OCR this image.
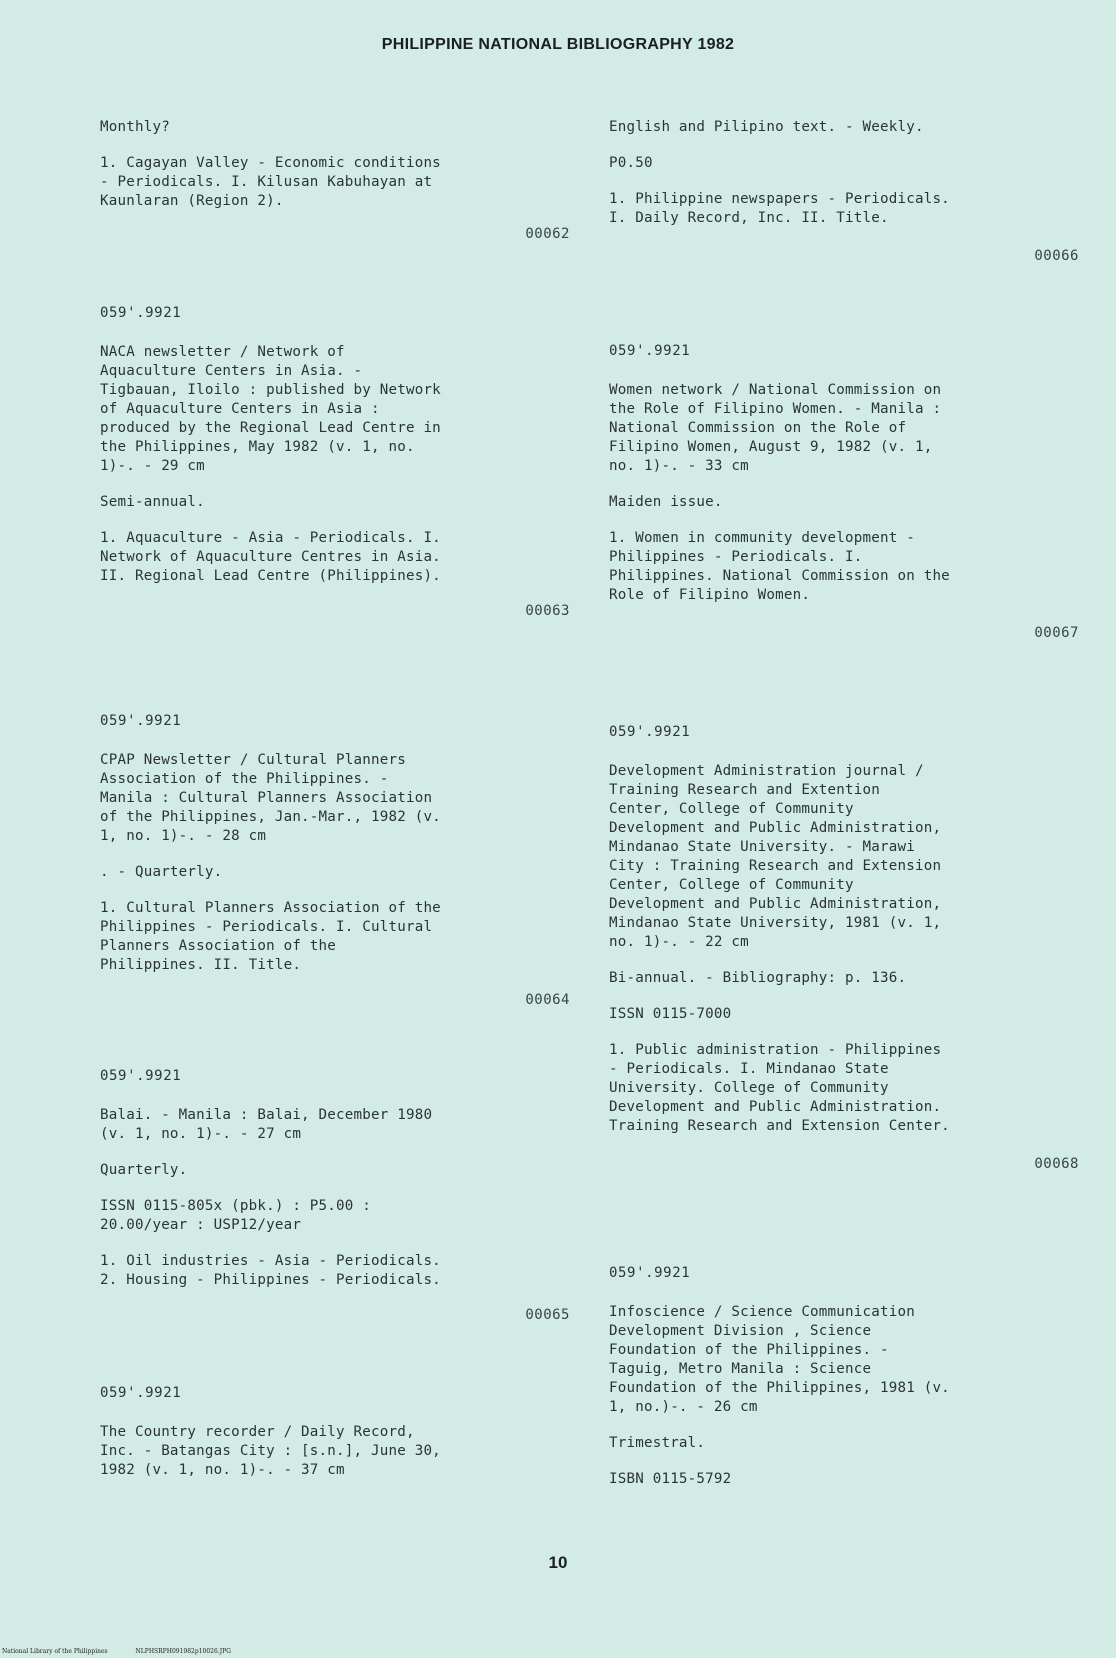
PHILIPPINE NATIONAL BIBLIOGRAPHY 1982

Monthly?

1. Cagayan Valley - Economic conditions
- Periodicals. I. Kilusan Kabuhayan at
Kaunlaran (Region 2).

00062

059'.9921

NACA newsletter / Network of
Aquaculture Centers in Asia. -
Tigbauan, Iloilo : published by Network
of Aquaculture Centers in Asia :
produced by the Regional Lead Centre in
the Philippines, May 1982 (v. 1, no.
1)-. - 29 cm

Semi-annual.

1. Aquaculture - Asia - Periodicals. I.
Network of Aquaculture Centres in Asia.
II. Regional Lead Centre (Philippines).

00063

059'.9921

CPAP Newsletter / Cultural Planners
Association of the Philippines. -
Manila : Cultural Planners Association
of the Philippines, Jan.-Mar., 1982 (v.
1, no. 1)-. - 28 cm

. - Quarterly.

1. Cultural Planners Association of the
Philippines - Periodicals. I. Cultural
Planners Association of the
Philippines. II. Title.

00064

059'.9921

Balai. - Manila : Balai, December 1980
(v. 1, no. 1)-. - 27 cm

Quarterly.

ISSN 0115-805x (pbk.) : P5.00 :
20.00/year : USP12/year

1. Oil industries - Asia - Periodicals.
2. Housing - Philippines - Periodicals.

00065

059'.9921

The Country recorder / Daily Record,
Inc. - Batangas City : [s.n.], June 30,
1982 (v. 1, no. 1)-. - 37 cm

English and Pilipino text. - Weekly.

P0.50

1. Philippine newspapers - Periodicals.
I. Daily Record, Inc. II. Title.

00066

059'.9921

Women network / National Commission on
the Role of Filipino Women. - Manila :
National Commission on the Role of
Filipino Women, August 9, 1982 (v. 1,
no. 1)-. - 33 cm

Maiden issue.

1. Women in community development -
Philippines - Periodicals. I.
Philippines. National Commission on the
Role of Filipino Women.

00067

059'.9921

Development Administration journal /
Training Research and Extention
Center, College of Community
Development and Public Administration,
Mindanao State University. - Marawi
City : Training Research and Extension
Center, College of Community
Development and Public Administration,
Mindanao State University, 1981 (v. 1,
no. 1)-. - 22 cm

Bi-annual. - Bibliography: p. 136.

ISSN 0115-7000

1. Public administration - Philippines
- Periodicals. I. Mindanao State
University. College of Community
Development and Public Administration.
Training Research and Extension Center.

00068

059'.9921

Infoscience / Science Communication
Development Division , Science
Foundation of the Philippines. -
Taguig, Metro Manila : Science
Foundation of the Philippines, 1981 (v.
1, no.)-. - 26 cm

Trimestral.

ISBN 0115-5792

10
National Library of the Philippines	NLPHSRPH091982p10026.JPG
